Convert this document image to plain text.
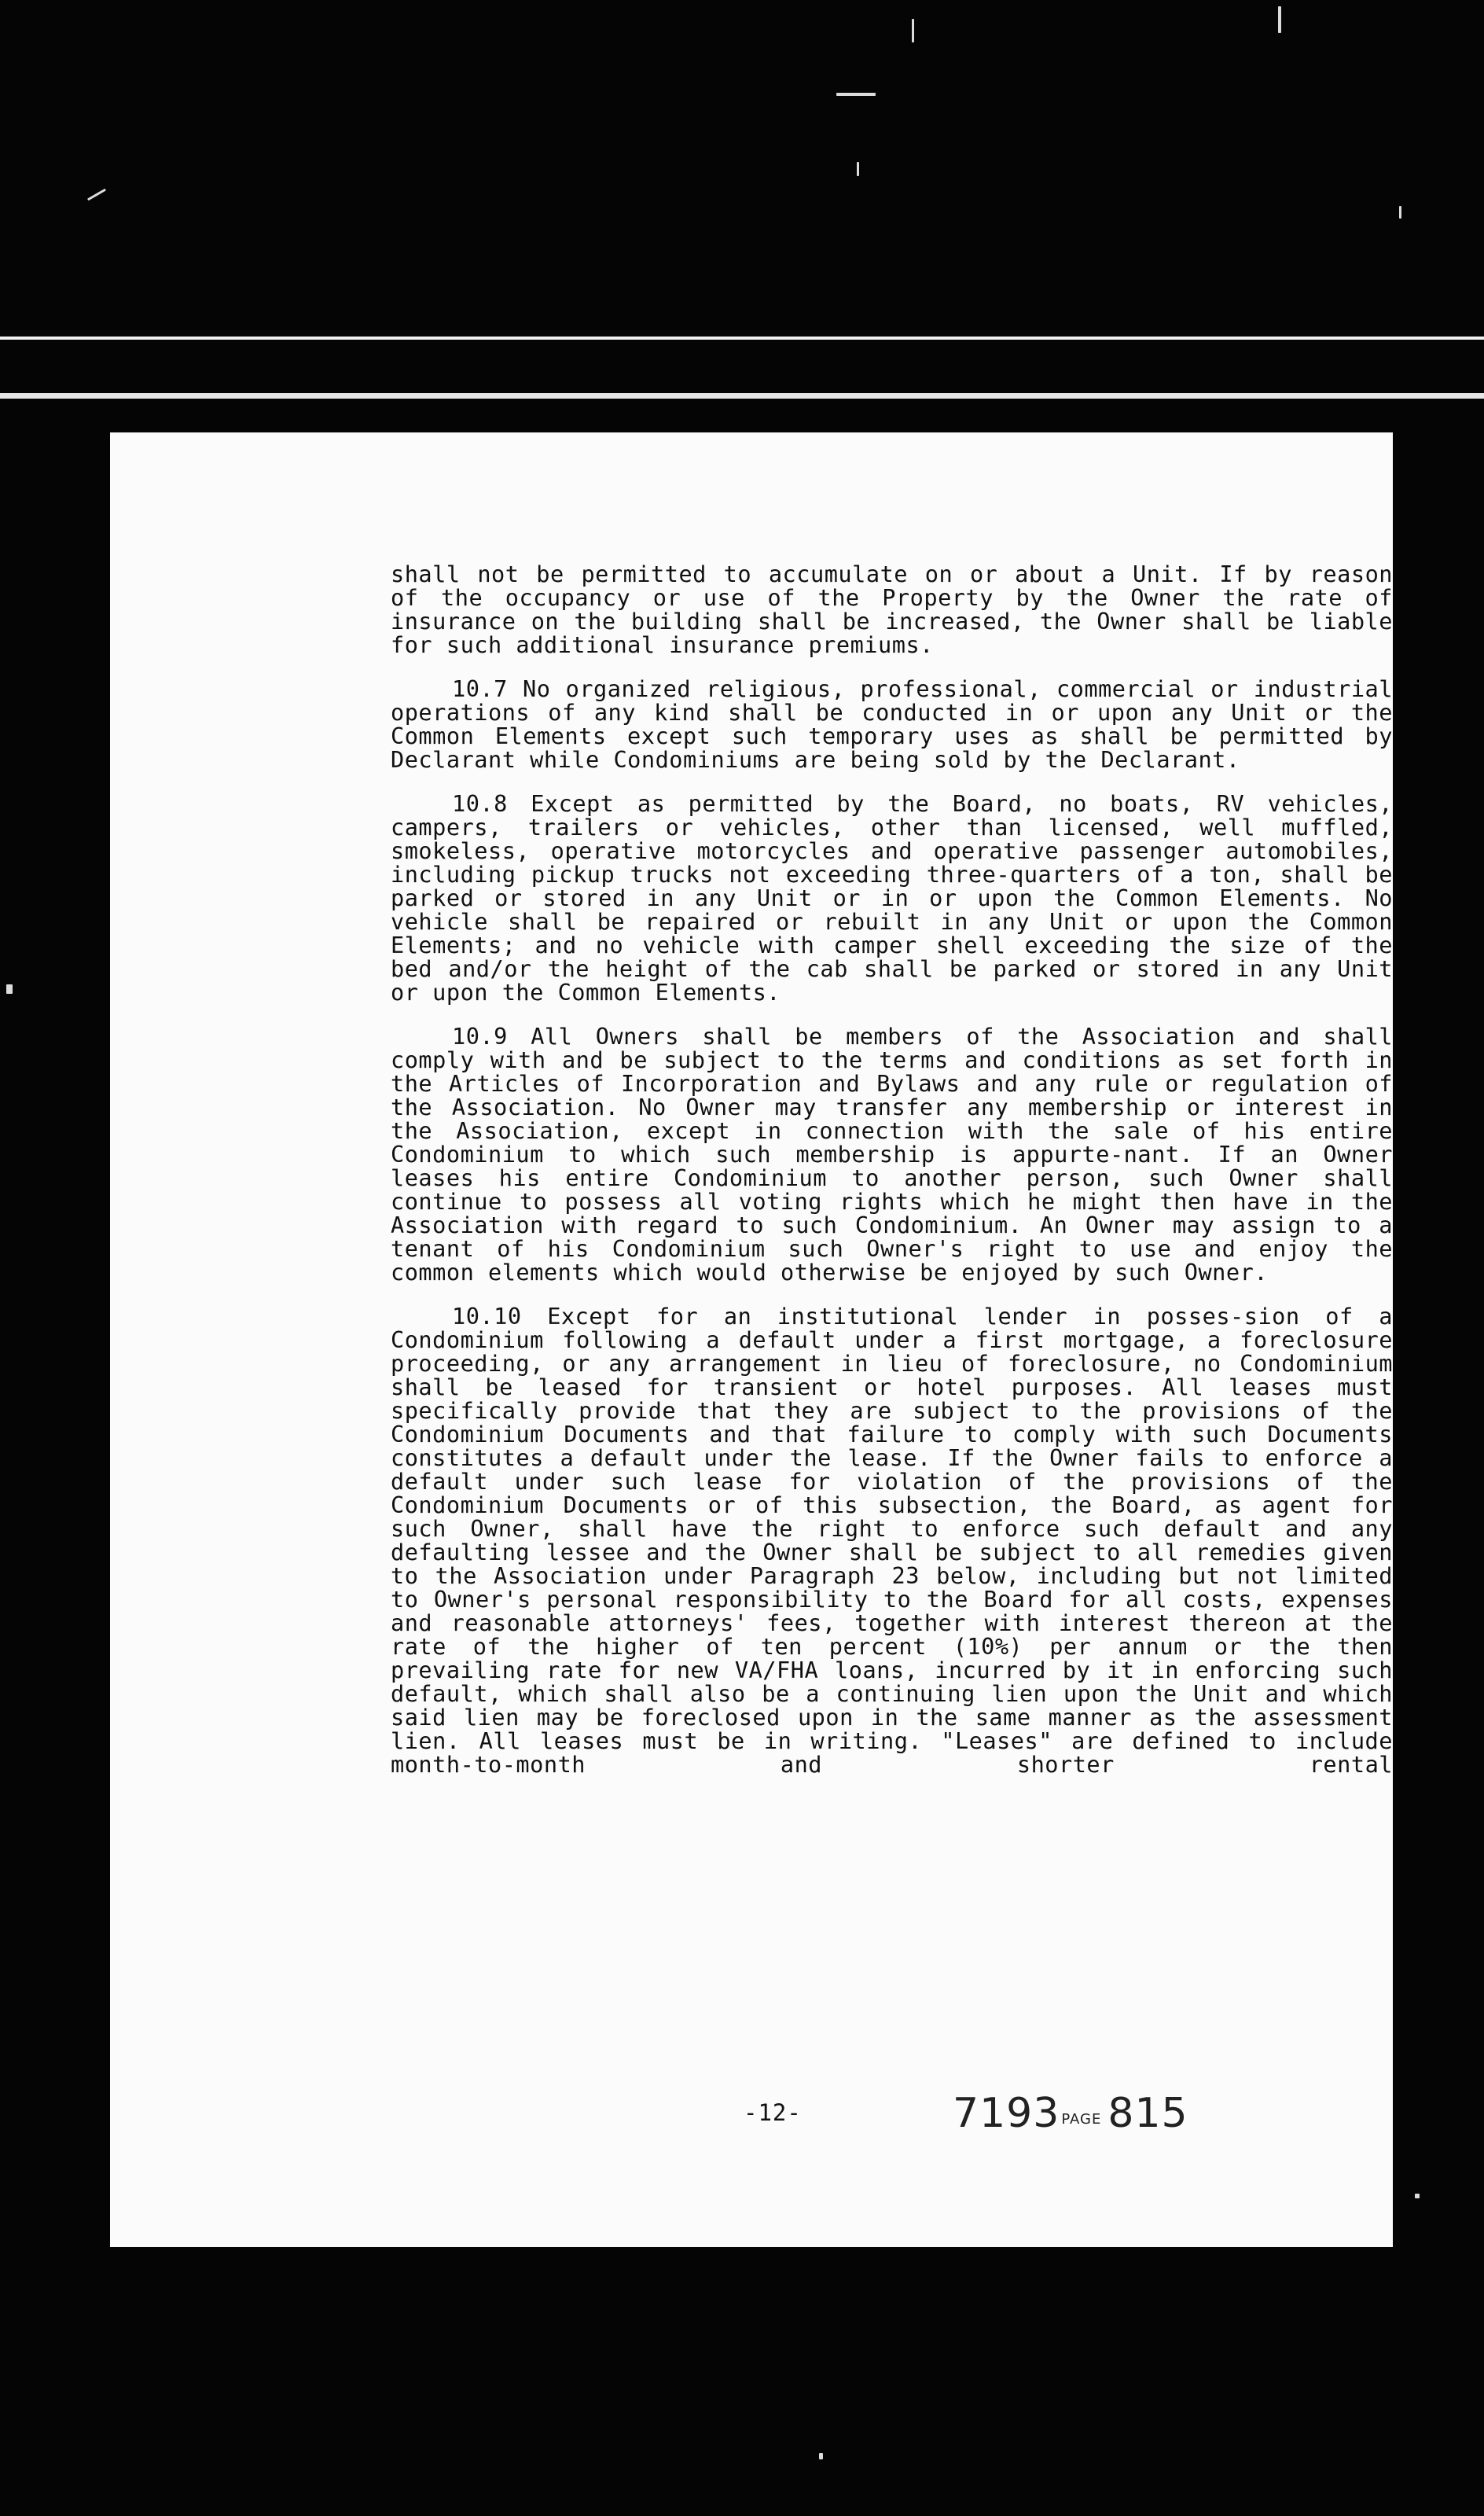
shall not be permitted to accumulate on or about a Unit. If by reason of the occupancy or use of the Property by the Owner the rate of insurance on the building shall be increased, the Owner shall be liable for such additional insurance premiums.

10.7 No organized religious, professional, commercial or industrial operations of any kind shall be conducted in or upon any Unit or the Common Elements except such temporary uses as shall be permitted by Declarant while Condominiums are being sold by the Declarant.

10.8 Except as permitted by the Board, no boats, RV vehicles, campers, trailers or vehicles, other than licensed, well muffled, smokeless, operative motorcycles and operative passenger automobiles, including pickup trucks not exceeding three-quarters of a ton, shall be parked or stored in any Unit or in or upon the Common Elements. No vehicle shall be repaired or rebuilt in any Unit or upon the Common Elements; and no vehicle with camper shell exceeding the size of the bed and/or the height of the cab shall be parked or stored in any Unit or upon the Common Elements.

10.9 All Owners shall be members of the Association and shall comply with and be subject to the terms and conditions as set forth in the Articles of Incorporation and Bylaws and any rule or regulation of the Association. No Owner may transfer any membership or interest in the Association, except in connection with the sale of his entire Condominium to which such membership is appurte-nant. If an Owner leases his entire Condominium to another person, such Owner shall continue to possess all voting rights which he might then have in the Association with regard to such Condominium. An Owner may assign to a tenant of his Condominium such Owner's right to use and enjoy the common elements which would otherwise be enjoyed by such Owner.

10.10 Except for an institutional lender in posses-sion of a Condominium following a default under a first mortgage, a foreclosure proceeding, or any arrangement in lieu of foreclosure, no Condominium shall be leased for transient or hotel purposes. All leases must specifically provide that they are subject to the provisions of the Condominium Documents and that failure to comply with such Documents constitutes a default under the lease. If the Owner fails to enforce a default under such lease for violation of the provisions of the Condominium Documents or of this subsection, the Board, as agent for such Owner, shall have the right to enforce such default and any defaulting lessee and the Owner shall be subject to all remedies given to the Association under Paragraph 23 below, including but not limited to Owner's personal responsibility to the Board for all costs, expenses and reasonable attorneys' fees, together with interest thereon at the rate of the higher of ten percent (10%) per annum or the then prevailing rate for new VA/FHA loans, incurred by it in enforcing such default, which shall also be a continuing lien upon the Unit and which said lien may be foreclosed upon in the same manner as the assessment lien. All leases must be in writing. "Leases" are defined to include month-to-month and shorter rental

-12-	7193 PAGE 815
